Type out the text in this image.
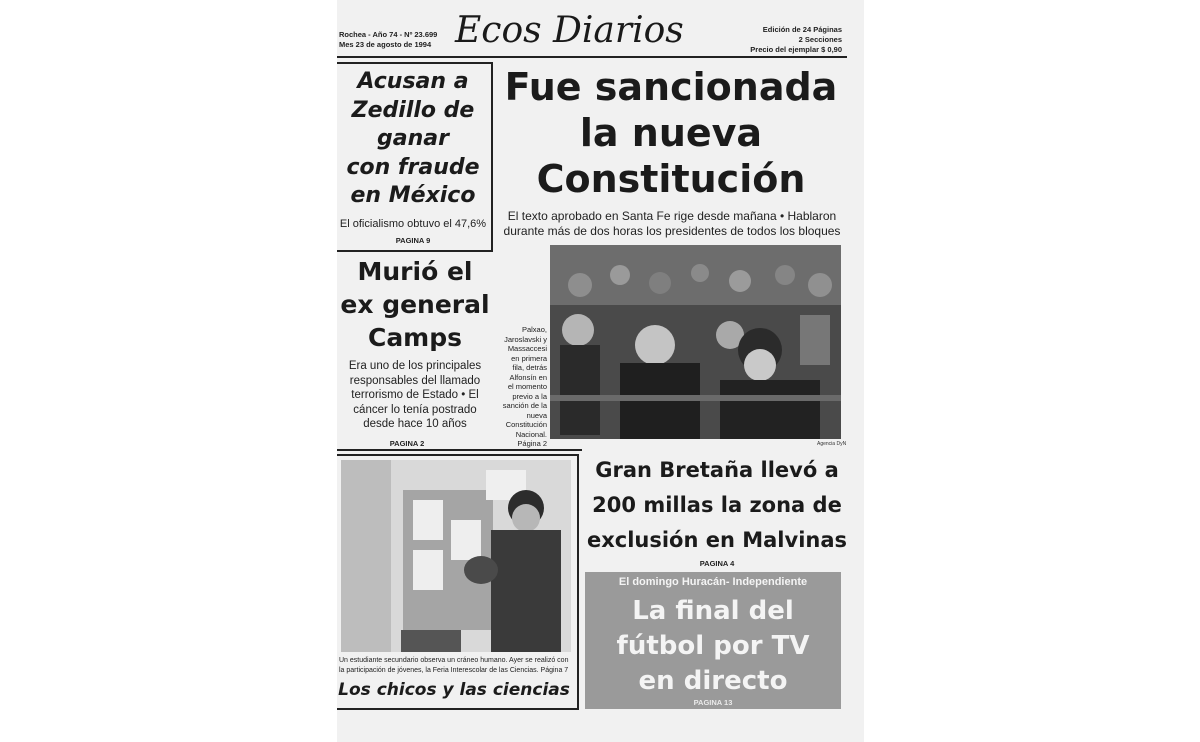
Rochea - Año 74 - Nº 23.699
Mes 23 de agosto de 1994 Ecos Diarios	Edición de 24 Páginas
2 Secciones
Precio del ejemplar $ 0,90
Acusan a
Zedillo de
ganar
con fraude
en México
El oficialismo obtuvo el 47,6%
PAGINA 9
Fue sancionada
la nueva
Constitución
El texto aprobado en Santa Fe rige desde mañana • Hablaron
durante más de dos horas los presidentes de todos los bloques
Palxao,
Jaroslavski y
Massaccesi
en primera
fila, detrás
Alfonsín en
el momento
previo a la
sanción de la
nueva
Constitución
Nacional.
Página 2	Agencia DyN
Murió el
ex general
Camps
Era uno de los principales
responsables del llamado
terrorismo de Estado • El
cáncer lo tenía postrado
desde hace 10 años
PAGINA 2
Un estudiante secundario observa un cráneo humano. Ayer se realizó con
la participación de jóvenes, la Feria Interescolar de las Ciencias. Página 7
Los chicos y las ciencias
Gran Bretaña llevó a
200 millas la zona de
exclusión en Malvinas
PAGINA 4
El domingo Huracán- Independiente
La final del
fútbol por TV
en directo
PAGINA 13
